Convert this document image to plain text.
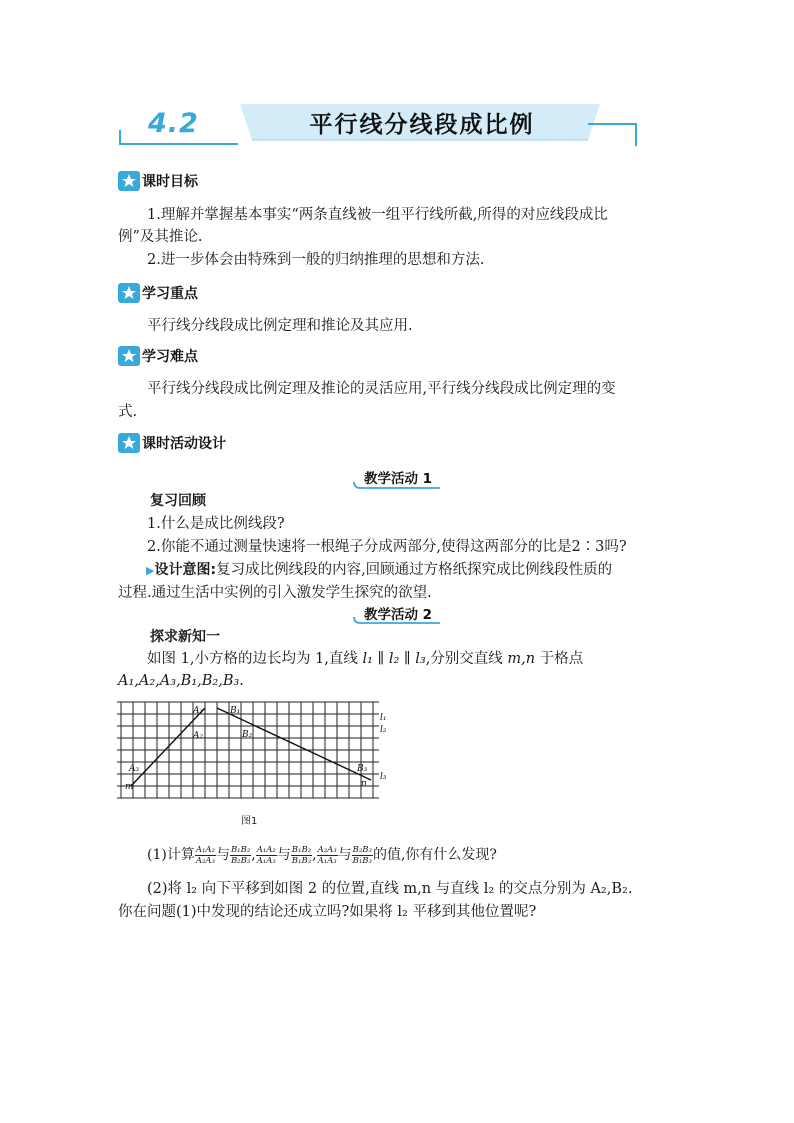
4.2	平行线分线段成比例
课时目标
1.理解并掌握基本事实“两条直线被一组平行线所截,所得的对应线段成比
例”及其推论.
2.进一步体会由特殊到一般的归纳推理的思想和方法.
学习重点
平行线分线段成比例定理和推论及其应用.
学习难点
平行线分线段成比例定理及推论的灵活应用,平行线分线段成比例定理的变
式.
课时活动设计
教学活动 1
复习回顾
1.什么是成比例线段?
2.你能不通过测量快速将一根绳子分成两部分,使得这两部分的比是2∶3吗?
▶设计意图:复习成比例线段的内容,回顾通过方格纸探究成比例线段性质的
过程.通过生活中实例的引入激发学生探究的欲望.
教学活动 2
探求新知一
如图 1,小方格的边长均为 1,直线 l₁ ∥ l₂ ∥ l₃,分别交直线 m,n 于格点
A₁,A₂,A₃,B₁,B₂,B₃.
A₁
A₂
A₃
B₁
B₂
B₃
m	n
l₁
l₂
l₃
图1
(1)计算 $\frac{\text{A₁A₂}}{\text{A₂A₃}}$ 与 $\frac{\text{B₁B₂}}{\text{B₂B₃}}$ , $\frac{\text{A₁A₂}}{\text{A₁A₃}}$ 与 $\frac{\text{B₁B₂}}{\text{B₁B₃}}$ , $\frac{\text{A₂A₃}}{\text{A₁A₃}}$ 与 $\frac{\text{B₂B₃}}{\text{B₁B₃}}$ 的值,你有什么发现?
(2)将 l₂ 向下平移到如图 2 的位置,直线 m,n 与直线 l₂ 的交点分别为 A₂,B₂.
你在问题(1)中发现的结论还成立吗?如果将 l₂ 平移到其他位置呢?
